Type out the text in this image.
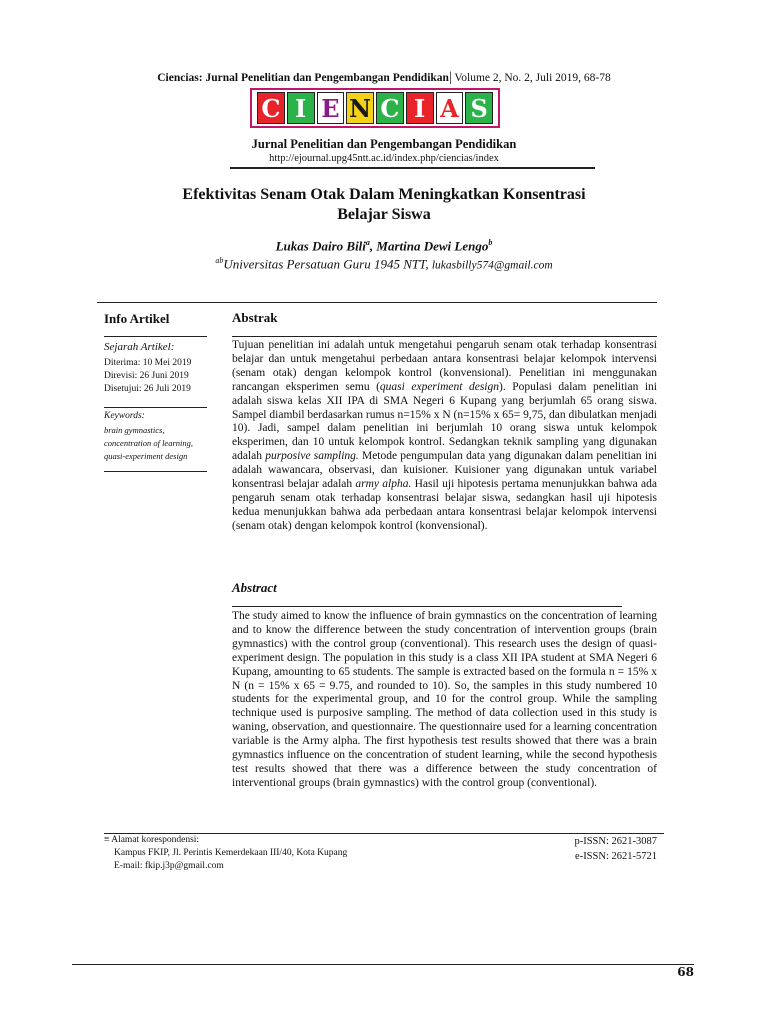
Ciencias: Jurnal Penelitian dan Pengembangan Pendidikan| Volume 2, No. 2, Juli 2019, 68-78
C I E N C I A S
Jurnal Penelitian dan Pengembangan Pendidikan
http://ejournal.upg45ntt.ac.id/index.php/ciencias/index
Efektivitas Senam Otak Dalam Meningkatkan Konsentrasi
Belajar Siswa
Lukas Dairo Bili$^a$, Martina Dewi Lengo$^b$
$^{ab}$Universitas Persatuan Guru 1945 NTT, lukasbilly574@gmail.com
Info Artikel
Sejarah Artikel:
Diterima: 10 Mei 2019
Direvisi: 26 Juni 2019
Disetujui: 26 Juli 2019
Keywords:
brain gymnastics,
concentration of learning,
quasi-experiment design
Abstrak
Tujuan penelitian ini adalah untuk mengetahui pengaruh senam otak terhadap konsentrasi belajar dan untuk mengetahui perbedaan antara konsentrasi belajar kelompok intervensi (senam otak) dengan kelompok kontrol (konvensional). Penelitian ini menggunakan rancangan eksperimen semu (quasi experiment design). Populasi dalam penelitian ini adalah siswa kelas XII IPA di SMA Negeri 6 Kupang yang berjumlah 65 orang siswa. Sampel diambil berdasarkan rumus n=15% x N (n=15% x 65= 9,75, dan dibulatkan menjadi 10). Jadi, sampel dalam penelitian ini berjumlah 10 orang siswa untuk kelompok eksperimen, dan 10 untuk kelompok kontrol. Sedangkan teknik sampling yang digunakan adalah purposive sampling. Metode pengumpulan data yang digunakan dalam penelitian ini adalah wawancara, observasi, dan kuisioner. Kuisioner yang digunakan untuk variabel konsentrasi belajar adalah army alpha. Hasil uji hipotesis pertama menunjukkan bahwa ada pengaruh senam otak terhadap konsentrasi belajar siswa, sedangkan hasil uji hipotesis kedua menunjukkan bahwa ada perbedaan antara konsentrasi belajar kelompok intervensi (senam otak) dengan kelompok kontrol (konvensional).
Abstract
The study aimed to know the influence of brain gymnastics on the concentration of learning and to know the difference between the study concentration of intervention groups (brain gymnastics) with the control group (conventional). This research uses the design of quasi-experiment design. The population in this study is a class XII IPA student at SMA Negeri 6 Kupang, amounting to 65 students. The sample is extracted based on the formula n = 15% x N (n = 15% x 65 = 9.75, and rounded to 10). So, the samples in this study numbered 10 students for the experimental group, and 10 for the control group. While the sampling technique used is purposive sampling. The method of data collection used in this study is waning, observation, and questionnaire. The questionnaire used for a learning concentration variable is the Army alpha. The first hypothesis test results showed that there was a brain gymnastics influence on the concentration of student learning, while the second hypothesis test results showed that there was a difference between the study concentration of interventional groups (brain gymnastics) with the control group (conventional).
≡ Alamat korespondensi:
Kampus FKIP, Jl. Perintis Kemerdekaan III/40, Kota Kupang
E-mail: fkip.j3p@gmail.com
p-ISSN: 2621-3087
e-ISSN: 2621-5721
68
